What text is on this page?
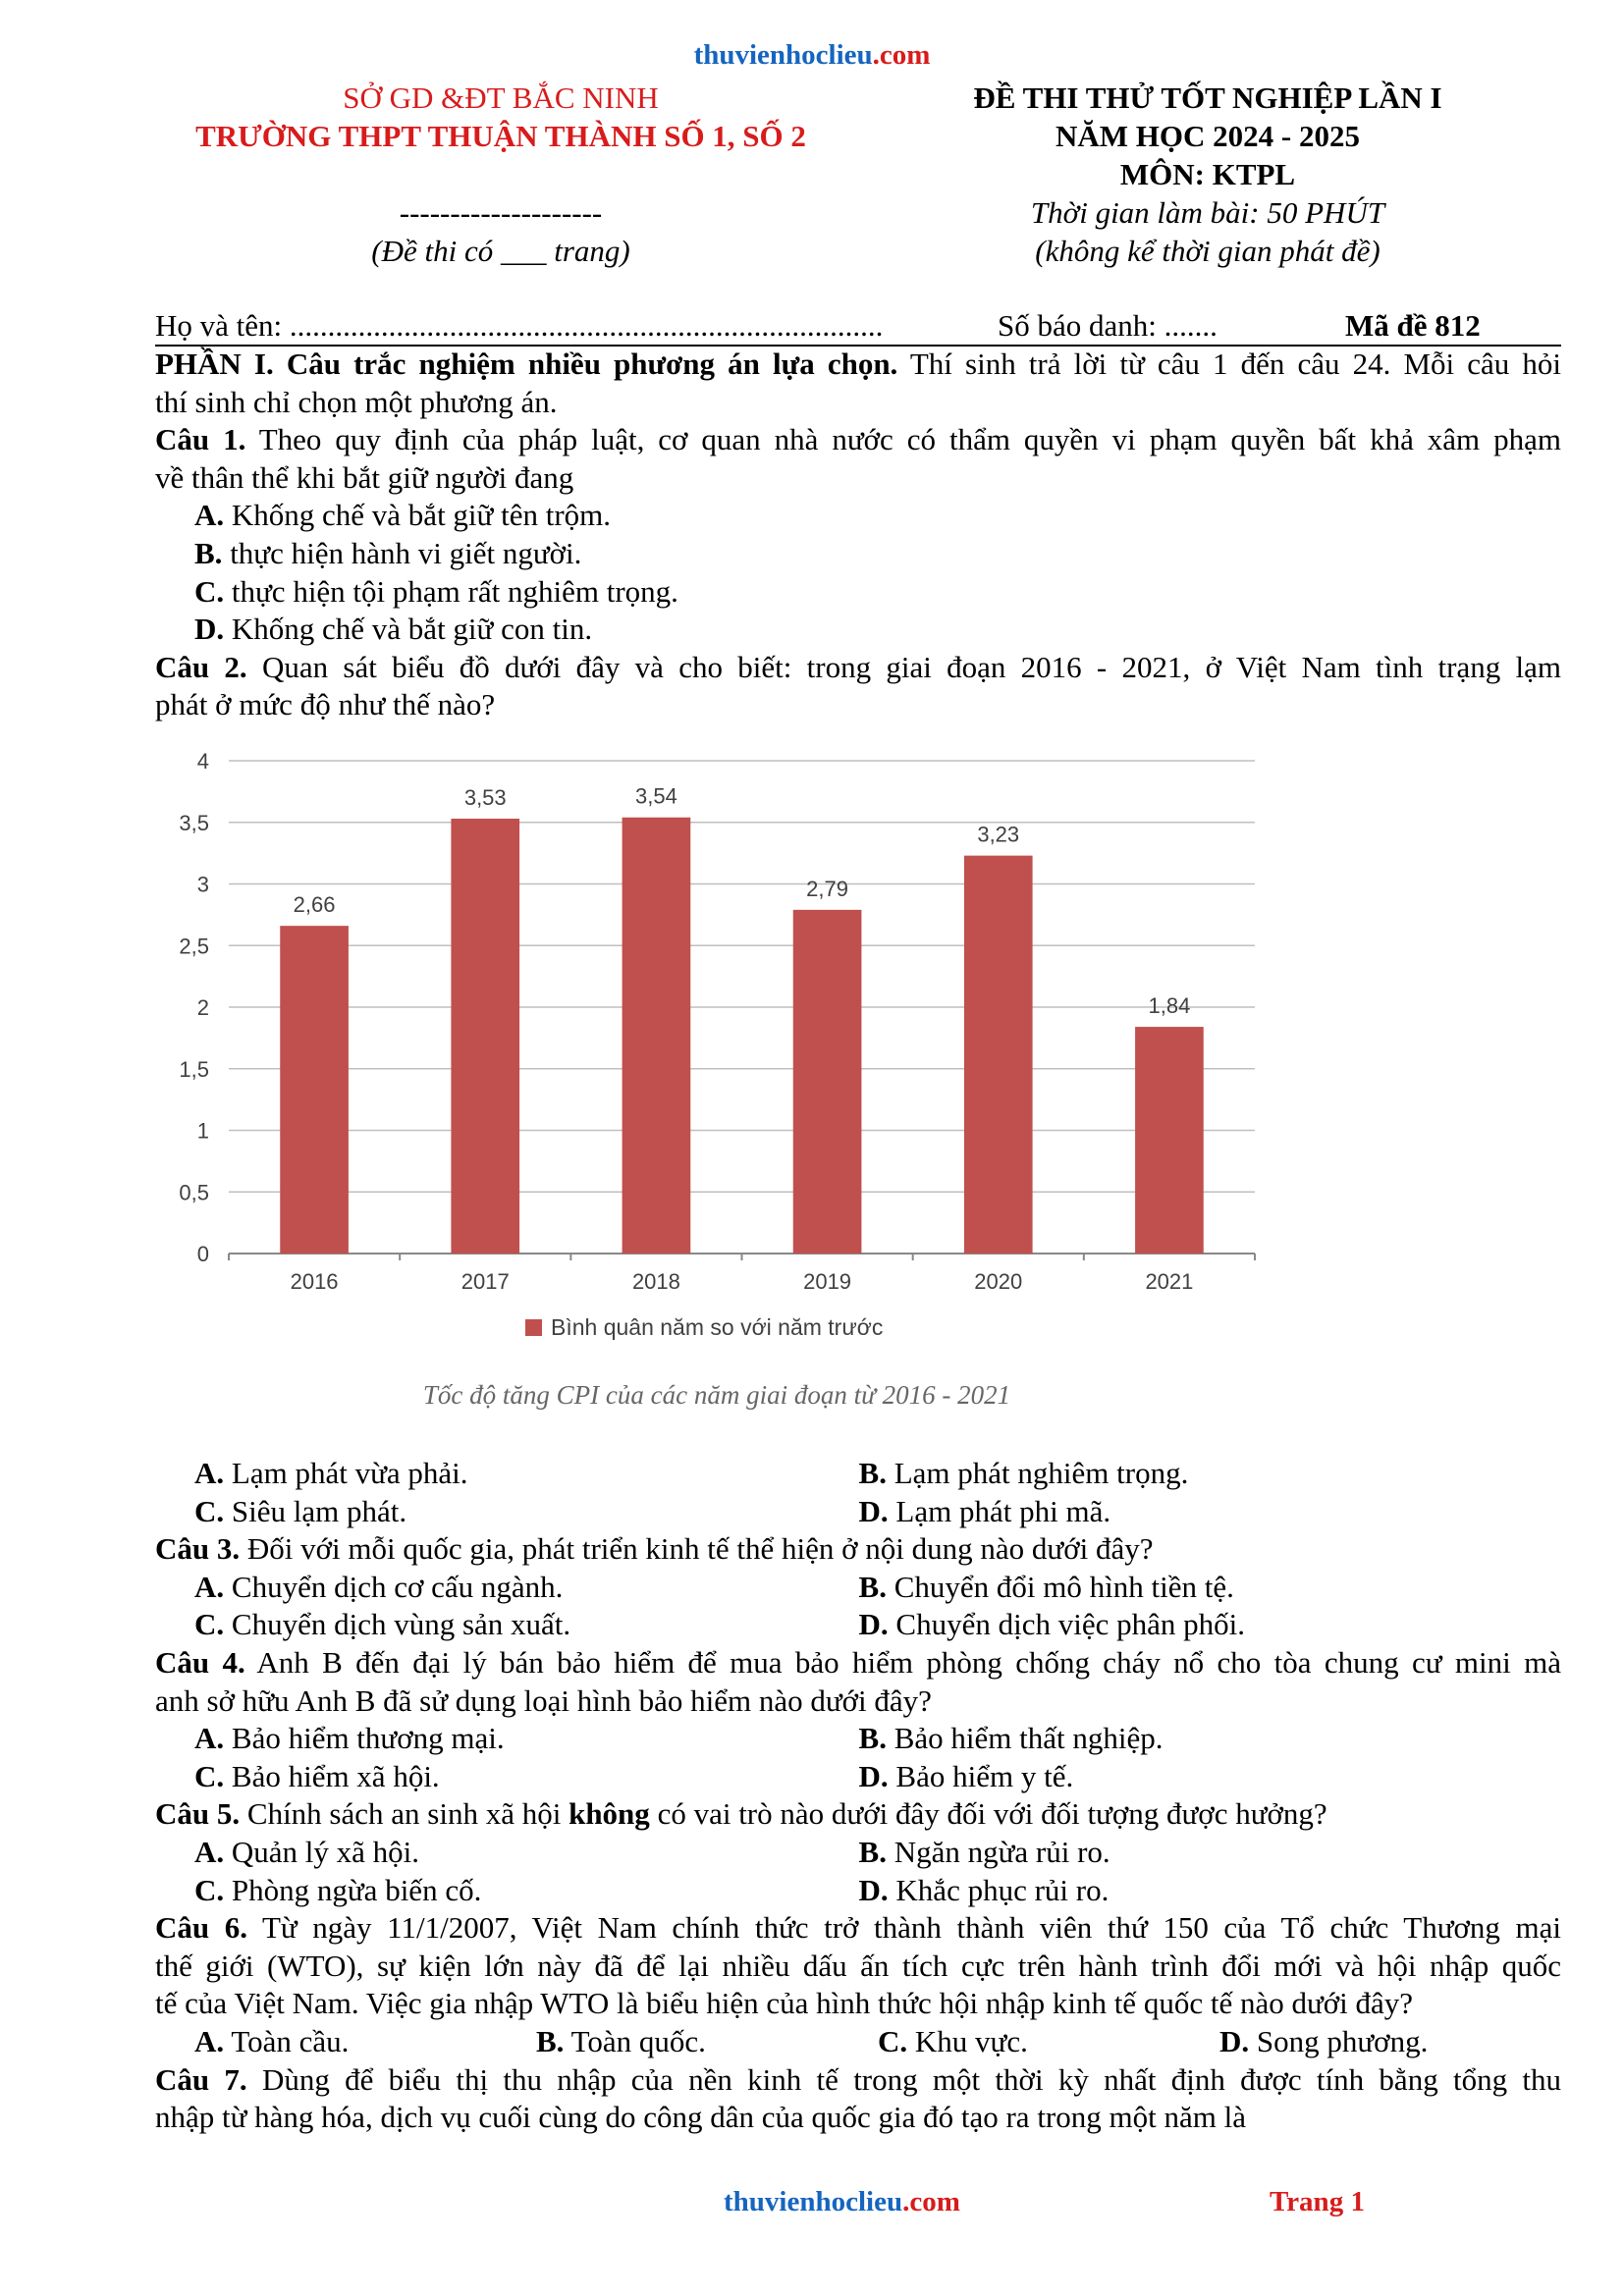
thuvienhoclieu.com
SỞ GD &ĐT BẮC NINH
TRƯỜNG THPT THUẬN THÀNH SỐ 1, SỐ 2
--------------------
(Đề thi có ___ trang)
ĐỀ THI THỬ TỐT NGHIỆP LẦN I
NĂM HỌC 2024 - 2025
MÔN: KTPL
Thời gian làm bài: 50 PHÚT
(không kể thời gian phát đề)
Họ và tên: ..............................................................................	Số báo danh: .......	Mã đề 812
PHẦN I. Câu trắc nghiệm nhiều phương án lựa chọn. Thí sinh trả lời từ câu 1 đến câu 24. Mỗi câu hỏi
thí sinh chỉ chọn một phương án.
Câu 1. Theo quy định của pháp luật, cơ quan nhà nước có thẩm quyền vi phạm quyền bất khả xâm phạm
về thân thể khi bắt giữ người đang
A. Khống chế và bắt giữ tên trộm.
B. thực hiện hành vi giết người.
C. thực hiện tội phạm rất nghiêm trọng.
D. Khống chế và bắt giữ con tin.
Câu 2. Quan sát biểu đồ dưới đây và cho biết: trong giai đoạn 2016 - 2021, ở Việt Nam tình trạng lạm
phát ở mức độ như thế nào?
0
0,5
1
1,5
2
2,5
3
3,5
4
2,66
2016
3,53
2017
3,54
2018
2,79
2019
3,23
2020
1,84
2021
Bình quân năm so với năm trước
Tốc độ tăng CPI của các năm giai đoạn từ 2016 - 2021
A. Lạm phát vừa phải.	B. Lạm phát nghiêm trọng.
C. Siêu lạm phát.	D. Lạm phát phi mã.
Câu 3. Đối với mỗi quốc gia, phát triển kinh tế thể hiện ở nội dung nào dưới đây?
A. Chuyển dịch cơ cấu ngành.	B. Chuyển đổi mô hình tiền tệ.
C. Chuyển dịch vùng sản xuất.	D. Chuyển dịch việc phân phối.
Câu 4. Anh B đến đại lý bán bảo hiểm để mua bảo hiểm phòng chống cháy nổ cho tòa chung cư mini mà
anh sở hữu Anh B đã sử dụng loại hình bảo hiểm nào dưới đây?
A. Bảo hiểm thương mại.	B. Bảo hiểm thất nghiệp.
C. Bảo hiểm xã hội.	D. Bảo hiểm y tế.
Câu 5. Chính sách an sinh xã hội không có vai trò nào dưới đây đối với đối tượng được hưởng?
A. Quản lý xã hội.	B. Ngăn ngừa rủi ro.
C. Phòng ngừa biến cố.	D. Khắc phục rủi ro.
Câu 6. Từ ngày 11/1/2007, Việt Nam chính thức trở thành thành viên thứ 150 của Tổ chức Thương mại
thế giới (WTO), sự kiện lớn này đã để lại nhiều dấu ấn tích cực trên hành trình đổi mới và hội nhập quốc
tế của Việt Nam. Việc gia nhập WTO là biểu hiện của hình thức hội nhập kinh tế quốc tế nào dưới đây?
A. Toàn cầu.	B. Toàn quốc.	C. Khu vực.	D. Song phương.
Câu 7. Dùng để biểu thị thu nhập của nền kinh tế trong một thời kỳ nhất định được tính bằng tổng thu
nhập từ hàng hóa, dịch vụ cuối cùng do công dân của quốc gia đó tạo ra trong một năm là
thuvienhoclieu.com	Trang 1
